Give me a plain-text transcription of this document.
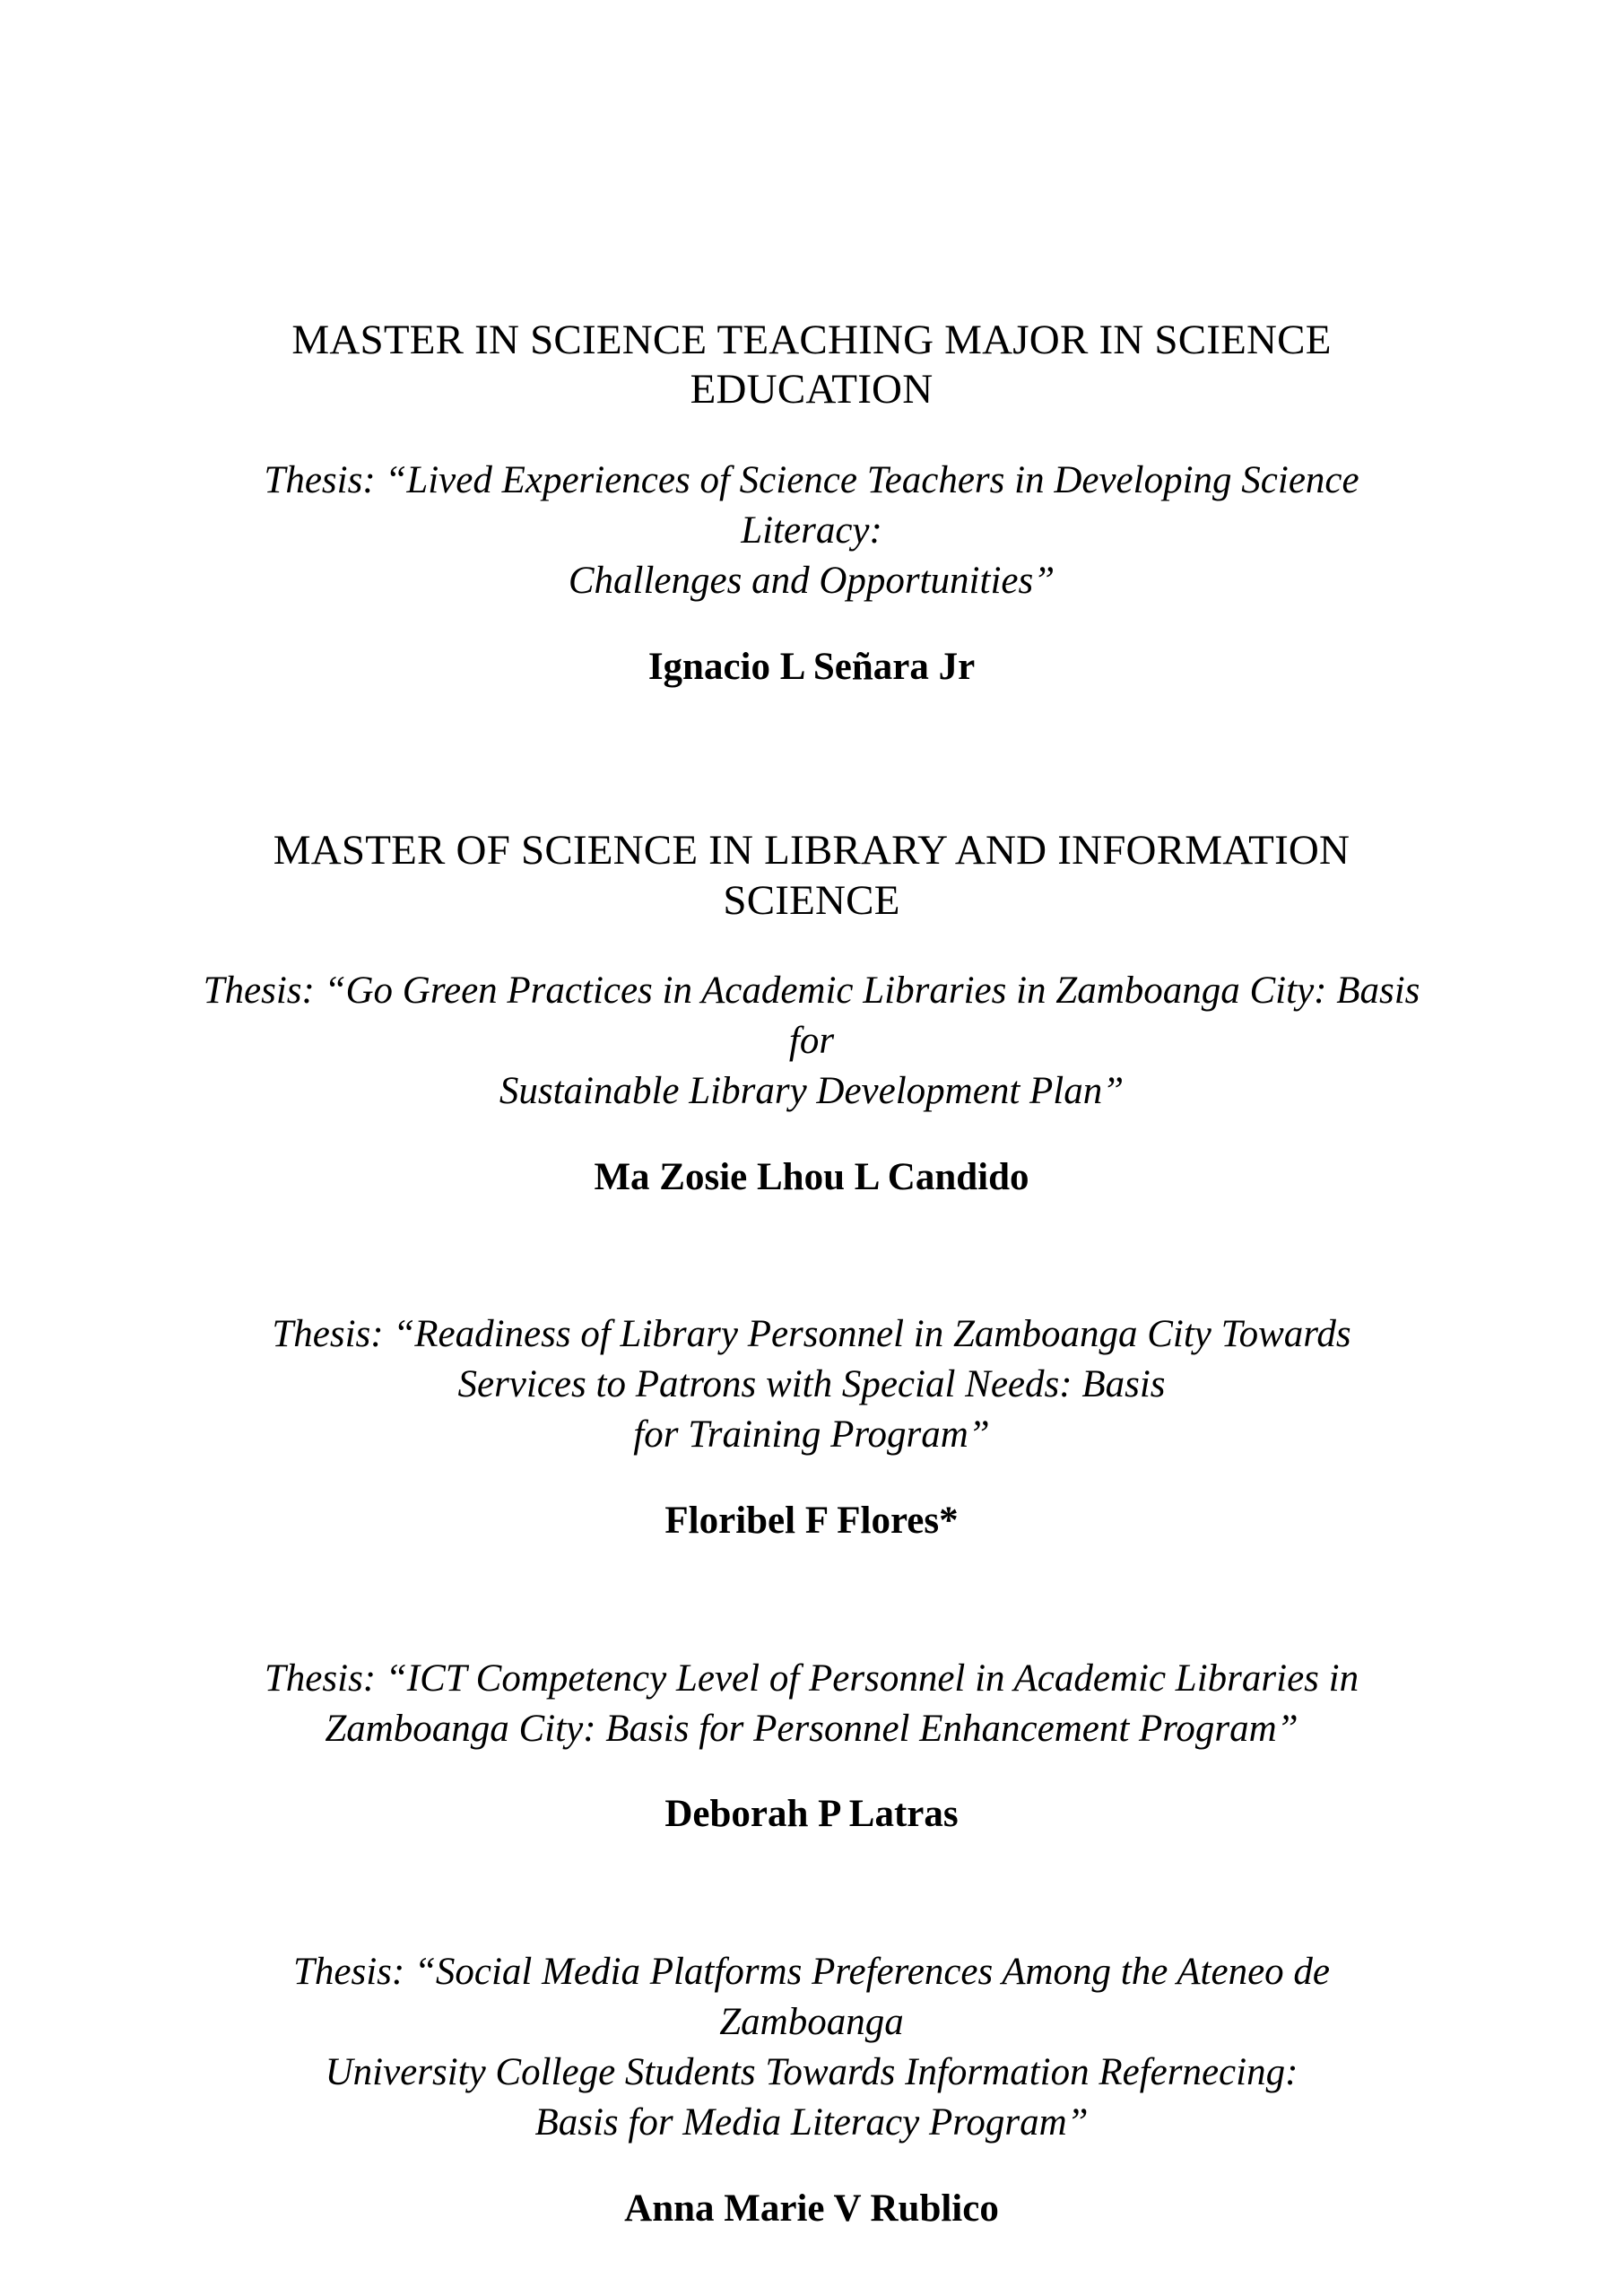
MASTER IN SCIENCE TEACHING MAJOR IN SCIENCE EDUCATION

Thesis: “Lived Experiences of Science Teachers in Developing Science Literacy:
Challenges and Opportunities”

Ignacio L Señara Jr

MASTER OF SCIENCE IN LIBRARY AND INFORMATION SCIENCE

Thesis: “Go Green Practices in Academic Libraries in Zamboanga City: Basis for
Sustainable Library Development Plan”

Ma Zosie Lhou L Candido

Thesis: “Readiness of Library Personnel in Zamboanga City Towards
Services to Patrons with Special Needs: Basis
for Training Program”

Floribel F Flores*

Thesis: “ICT Competency Level of Personnel in Academic Libraries in
Zamboanga City: Basis for Personnel Enhancement Program”

Deborah P Latras

Thesis: “Social Media Platforms Preferences Among the Ateneo de Zamboanga
University College Students Towards Information Refernecing:
Basis for Media Literacy Program”

Anna Marie V Rublico
